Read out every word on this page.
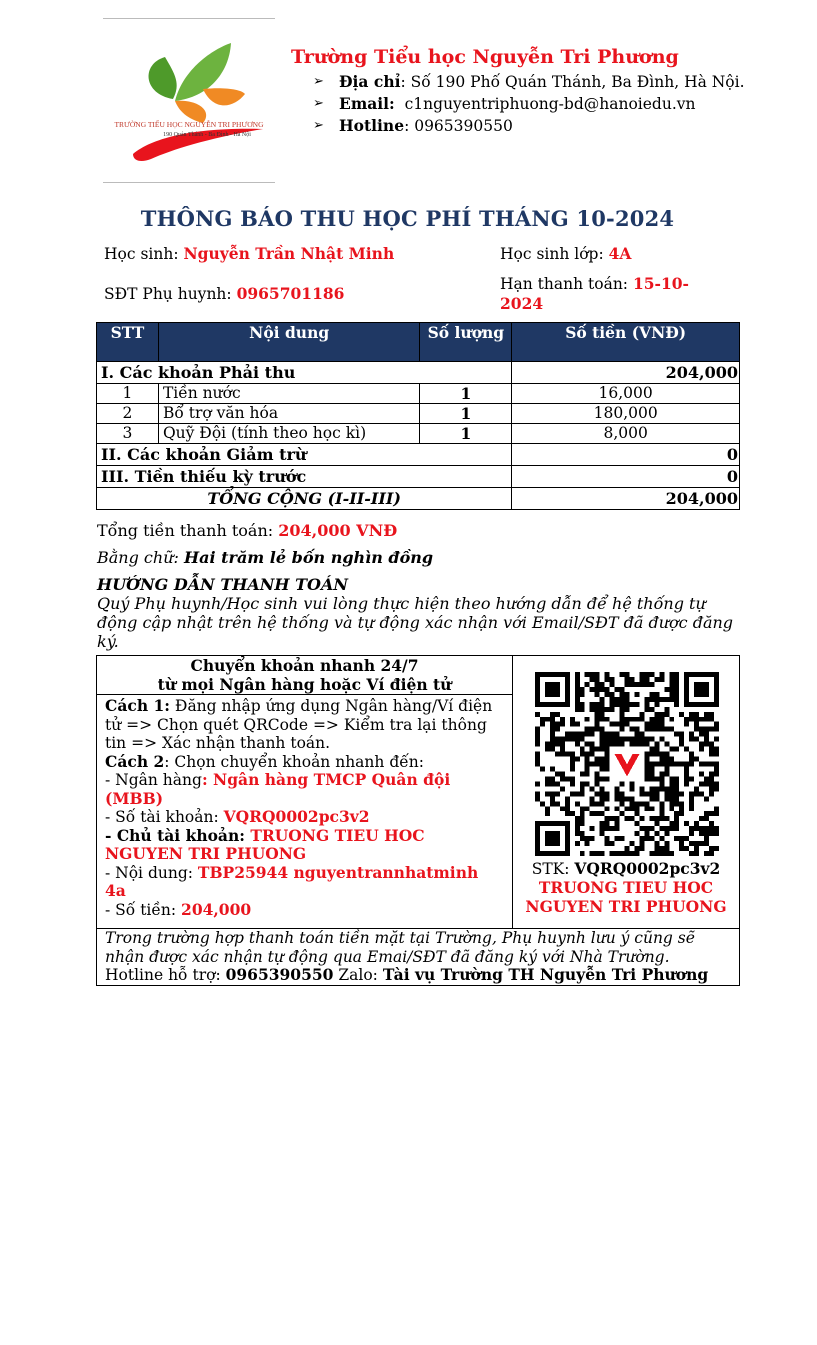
TRƯỜNG TIỂU HỌC NGUYỄN TRI PHƯƠNG
190 Quán Thánh - Ba Đình - Hà Nội
Trường Tiểu học Nguyễn Tri Phương
➢ Địa chỉ: Số 190 Phố Quán Thánh, Ba Đình, Hà Nội.
➢ Email:  c1nguyentriphuong-bd@hanoiedu.vn
➢ Hotline: 0965390550
THÔNG BÁO THU HỌC PHÍ THÁNG 10-2024
Học sinh: Nguyễn Trần Nhật Minh	Học sinh lớp: 4A
SĐT Phụ huynh: 0965701186	Hạn thanh toán: 15-10-2024
STT	Nội dung	Số lượng	Số tiền (VNĐ)
I. Các khoản Phải thu			204,000
1	Tiền nước	1	16,000
2	Bổ trợ văn hóa	1	180,000
3	Quỹ Đội (tính theo học kì)	1	8,000
II. Các khoản Giảm trừ			0
III. Tiền thiếu kỳ trước			0
TỔNG CỘNG (I-II-III)			204,000
Tổng tiền thanh toán: 204,000 VNĐ
Bằng chữ: Hai trăm lẻ bốn nghìn đồng
HƯỚNG DẪN THANH TOÁN
Quý Phụ huynh/Học sinh vui lòng thực hiện theo hướng dẫn để hệ thống tự động cập nhật trên hệ thống và tự động xác nhận với Email/SĐT đã được đăng ký.
Chuyển khoản nhanh 24/7
từ mọi Ngân hàng hoặc Ví điện tử
Cách 1: Đăng nhập ứng dụng Ngân hàng/Ví điện tử => Chọn quét QRCode => Kiểm tra lại thông tin => Xác nhận thanh toán.
Cách 2: Chọn chuyển khoản nhanh đến:
- Ngân hàng: Ngân hàng TMCP Quân đội (MBB)
- Số tài khoản: VQRQ0002pc3v2
- Chủ tài khoản: TRUONG TIEU HOC NGUYEN TRI PHUONG
- Nội dung: TBP25944 nguyentrannhatminh 4a
- Số tiền: 204,000
STK: VQRQ0002pc3v2
TRUONG TIEU HOC NGUYEN TRI PHUONG
Trong trường hợp thanh toán tiền mặt tại Trường, Phụ huynh lưu ý cũng sẽ nhận được xác nhận tự động qua Emai/SĐT đã đăng ký với Nhà Trường.
Hotline hỗ trợ: 0965390550 Zalo: Tài vụ Trường TH Nguyễn Tri Phương
